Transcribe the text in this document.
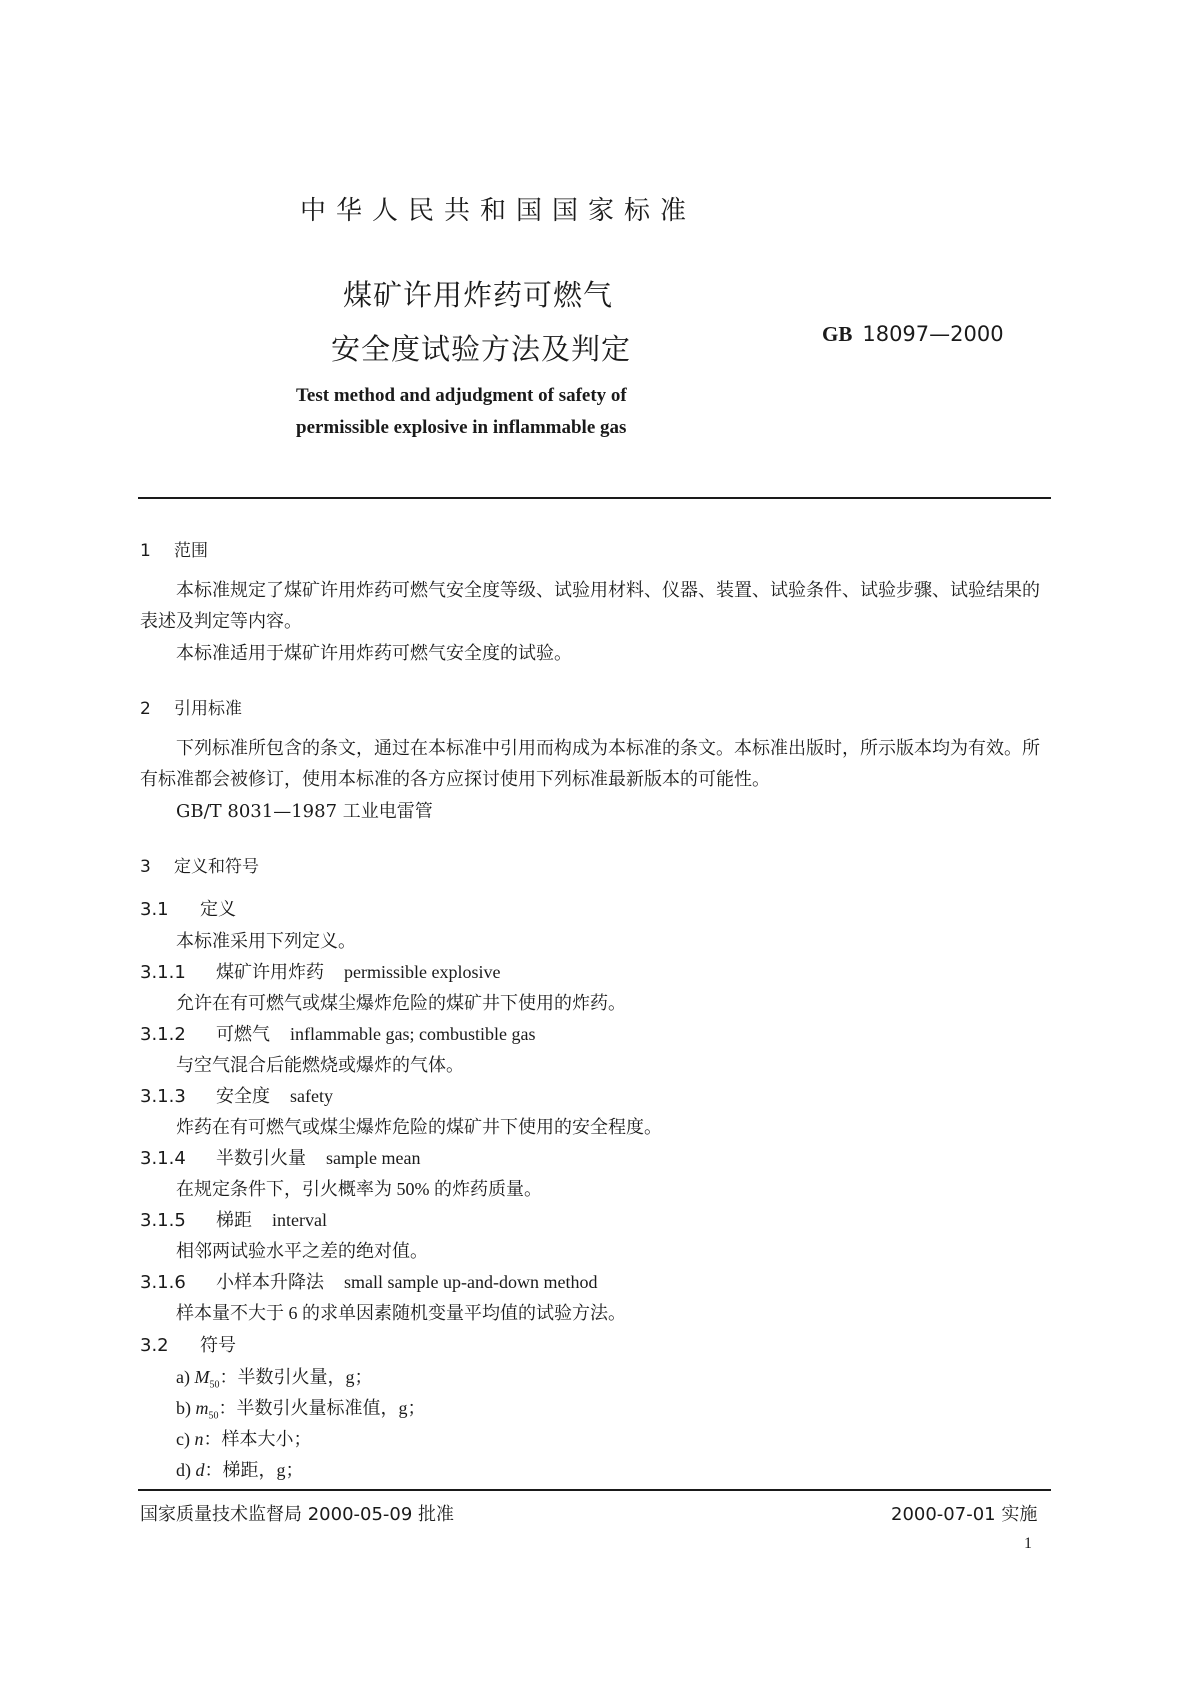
中华人民共和国国家标准
煤矿许用炸药可燃气
安全度试验方法及判定	GB 18097—2000
Test method and adjudgment of safety of
permissible explosive in inflammable gas
1 范围
本标准规定了煤矿许用炸药可燃气安全度等级、试验用材料、仪器、装置、试验条件、试验步骤、试验结果的表述及判定等内容。
本标准适用于煤矿许用炸药可燃气安全度的试验。
2 引用标准
下列标准所包含的条文，通过在本标准中引用而构成为本标准的条文。本标准出版时，所示版本均为有效。所有标准都会被修订，使用本标准的各方应探讨使用下列标准最新版本的可能性。
GB/T 8031—1987 工业电雷管
3 定义和符号
3.1 定义
本标准采用下列定义。
3.1.1 煤矿许用炸药 permissible explosive
允许在有可燃气或煤尘爆炸危险的煤矿井下使用的炸药。
3.1.2 可燃气 inflammable gas; combustible gas
与空气混合后能燃烧或爆炸的气体。
3.1.3 安全度 safety
炸药在有可燃气或煤尘爆炸危险的煤矿井下使用的安全程度。
3.1.4 半数引火量 sample mean
在规定条件下，引火概率为 50% 的炸药质量。
3.1.5 梯距 interval
相邻两试验水平之差的绝对值。
3.1.6 小样本升降法 small sample up-and-down method
样本量不大于 6 的求单因素随机变量平均值的试验方法。
3.2 符号
a) $M_{50}$：半数引火量，g；
b) $m_{50}$：半数引火量标准值，g；
c) n：样本大小；
d) d：梯距，g；
国家质量技术监督局 2000-05-09 批准	2000-07-01 实施
1
